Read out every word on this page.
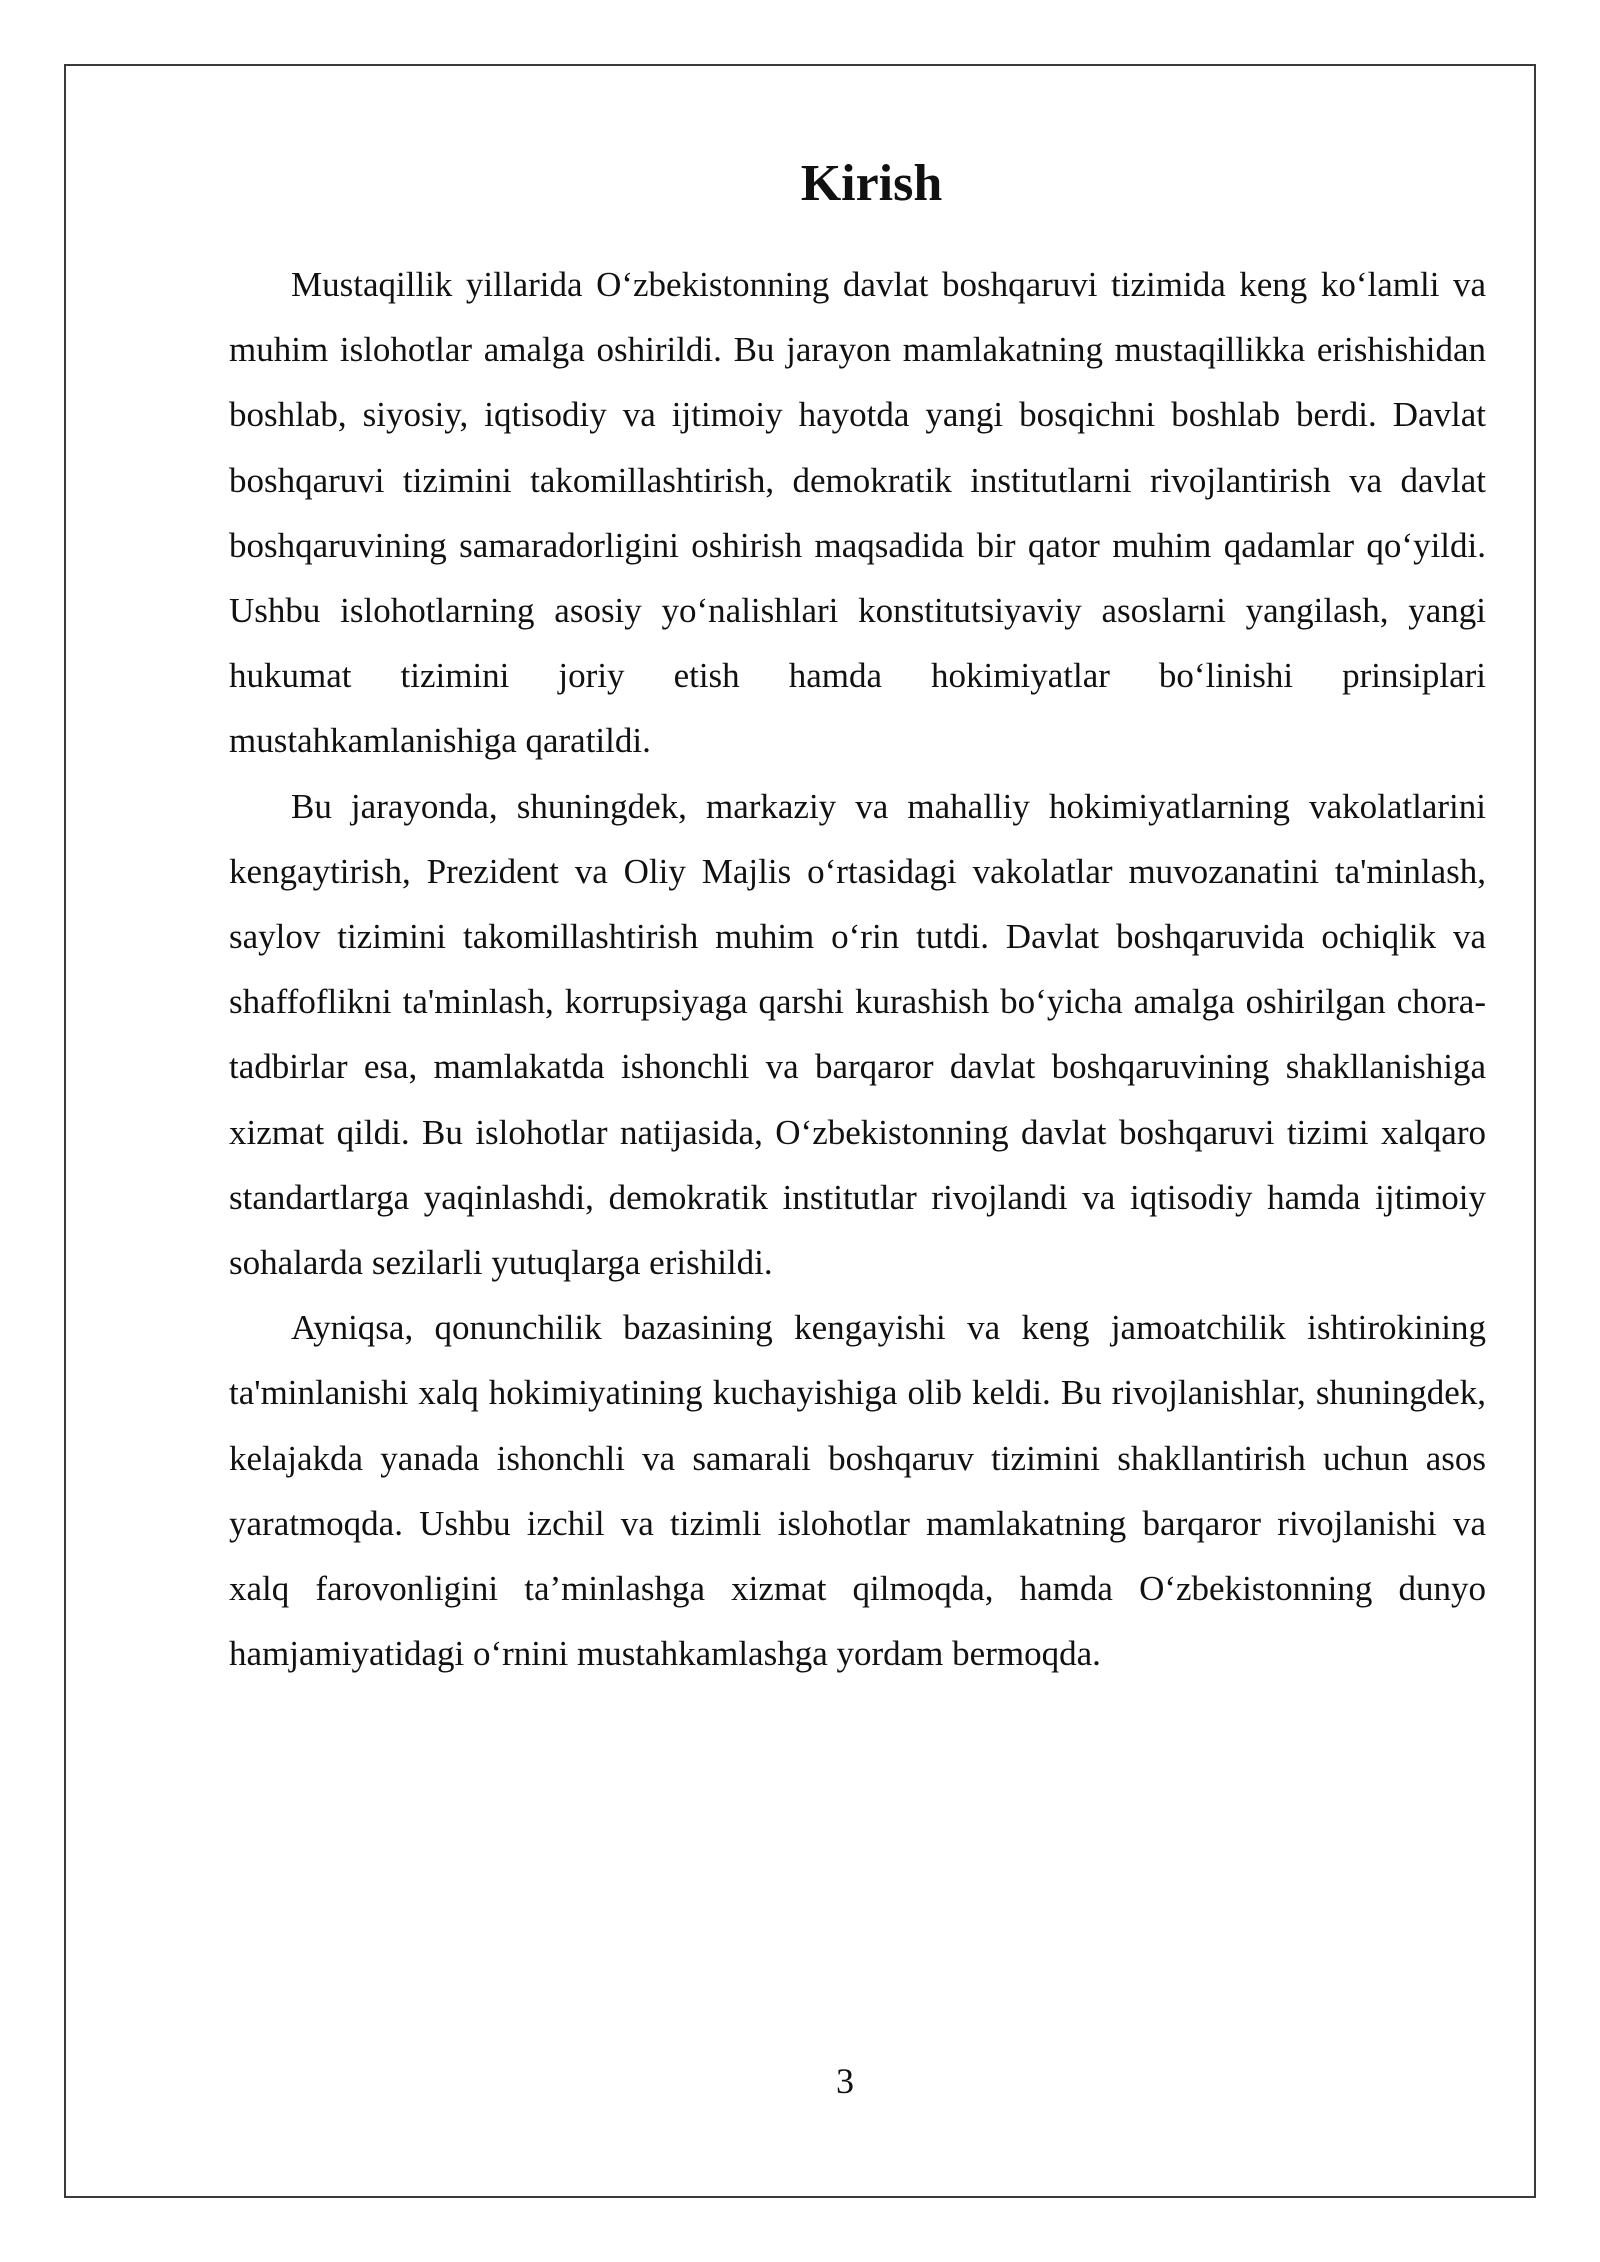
Kirish

Mustaqillik yillarida O‘zbekistonning davlat boshqaruvi tizimida keng ko‘lamli va muhim islohotlar amalga oshirildi. Bu jarayon mamlakatning mustaqillikka erishishidan boshlab, siyosiy, iqtisodiy va ijtimoiy hayotda yangi bosqichni boshlab berdi. Davlat boshqaruvi tizimini takomillashtirish, demokratik institutlarni rivojlantirish va davlat boshqaruvining samaradorligini oshirish maqsadida bir qator muhim qadamlar qo‘yildi. Ushbu islohotlarning asosiy yo‘nalishlari konstitutsiyaviy asoslarni yangilash, yangi hukumat tizimini joriy etish hamda hokimiyatlar bo‘linishi prinsiplari mustahkamlanishiga qaratildi.

Bu jarayonda, shuningdek, markaziy va mahalliy hokimiyatlarning vakolatlarini kengaytirish, Prezident va Oliy Majlis o‘rtasidagi vakolatlar muvozanatini ta'minlash, saylov tizimini takomillashtirish muhim o‘rin tutdi. Davlat boshqaruvida ochiqlik va shaffoflikni ta'minlash, korrupsiyaga qarshi kurashish bo‘yicha amalga oshirilgan chora-tadbirlar esa, mamlakatda ishonchli va barqaror davlat boshqaruvining shakllanishiga xizmat qildi. Bu islohotlar natijasida, O‘zbekistonning davlat boshqaruvi tizimi xalqaro standartlarga yaqinlashdi, demokratik institutlar rivojlandi va iqtisodiy hamda ijtimoiy sohalarda sezilarli yutuqlarga erishildi.

Ayniqsa, qonunchilik bazasining kengayishi va keng jamoatchilik ishtirokining ta'minlanishi xalq hokimiyatining kuchayishiga olib keldi. Bu rivojlanishlar, shuningdek, kelajakda yanada ishonchli va samarali boshqaruv tizimini shakllantirish uchun asos yaratmoqda. Ushbu izchil va tizimli islohotlar mamlakatning barqaror rivojlanishi va xalq farovonligini ta’minlashga xizmat qilmoqda, hamda O‘zbekistonning dunyo hamjamiyatidagi o‘rnini mustahkamlashga yordam bermoqda.

3
